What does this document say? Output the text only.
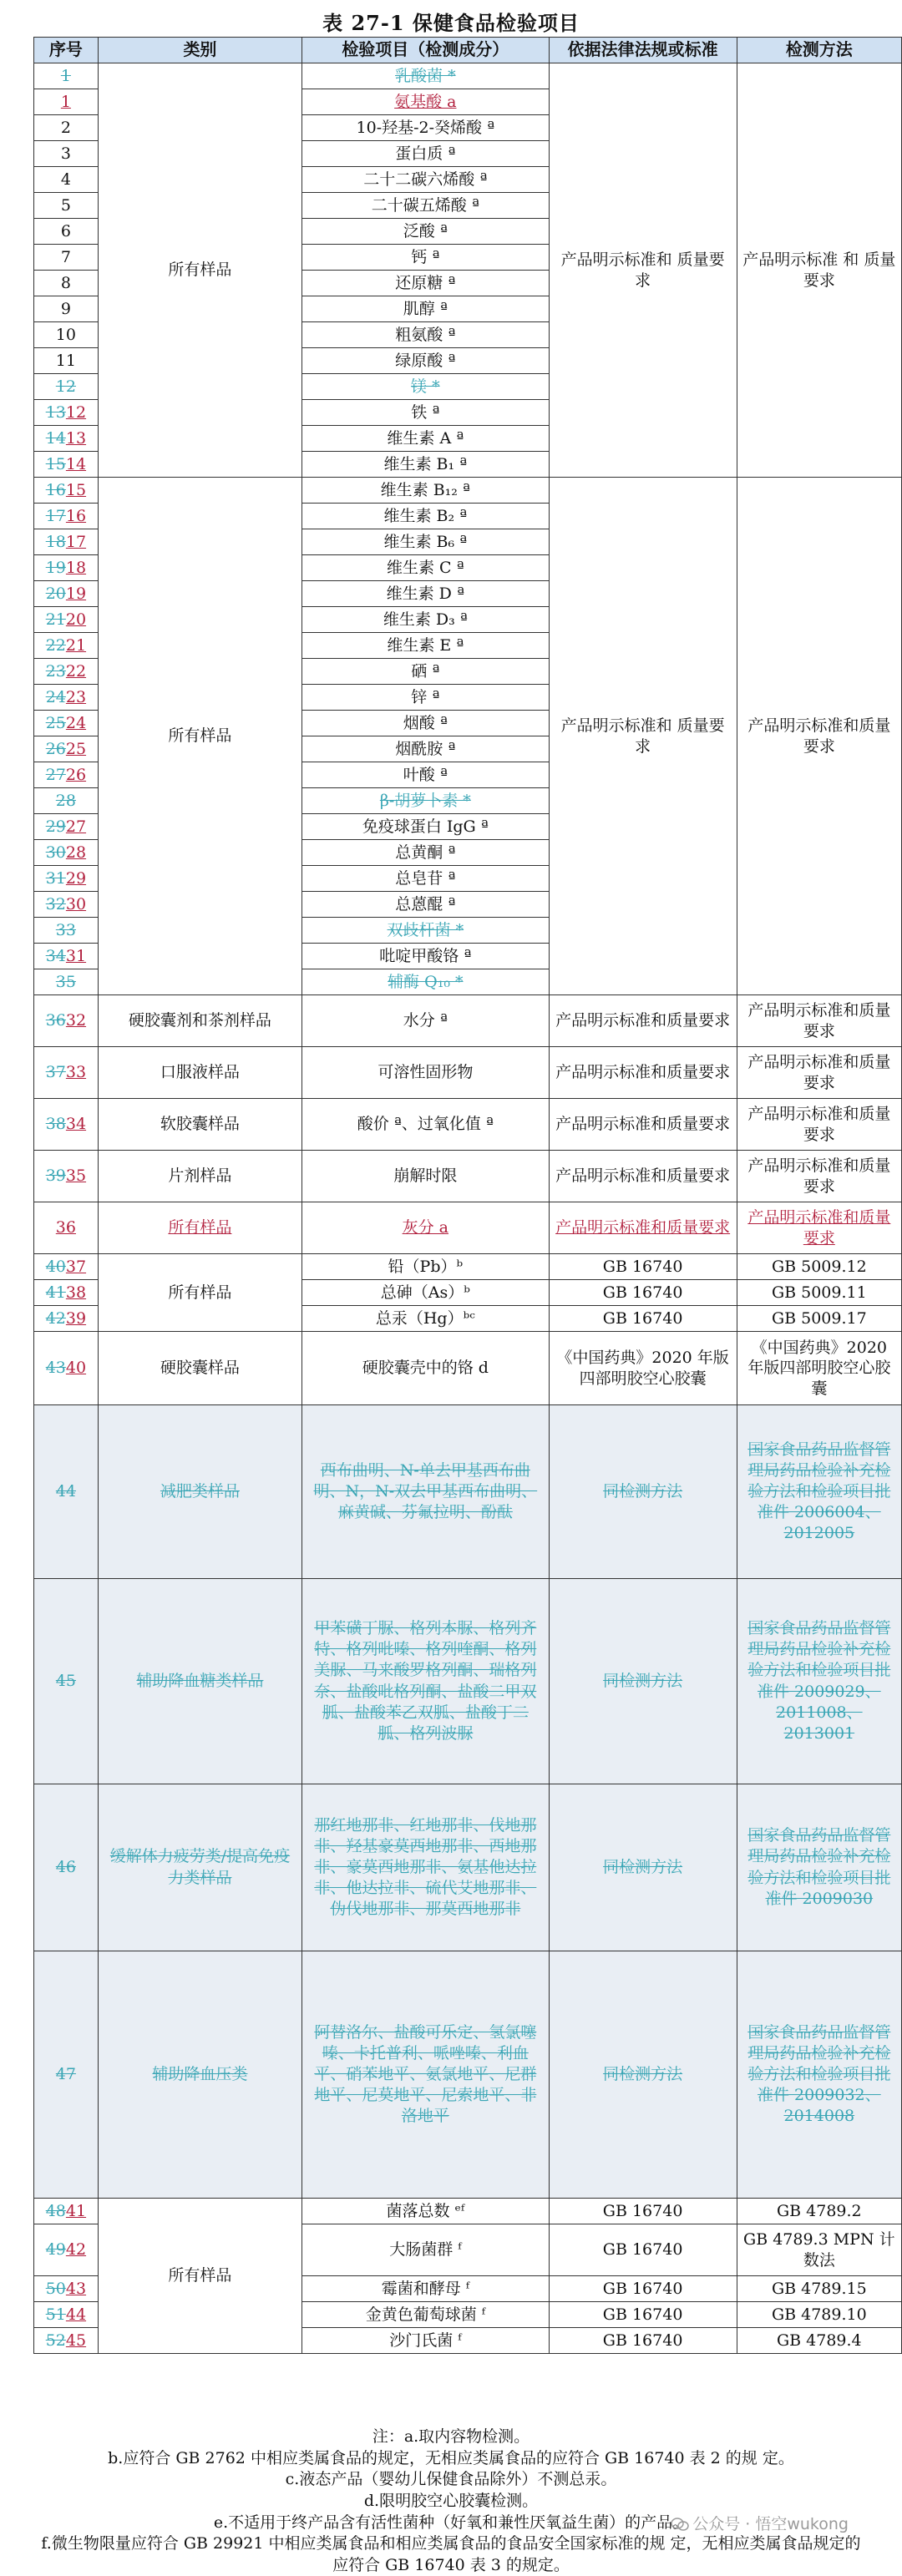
表 27-1 保健食品检验项目
序号	类别	检验项目（检测成分）	依据法律法规或标准	检测方法
1	所有样品	乳酸菌 *	产品明示标准和 质量要求	产品明示标准 和 质量要求
1		氨基酸 a		
2		10-羟基-2-癸烯酸 ª		
3		蛋白质 ª		
4		二十二碳六烯酸 ª		
5		二十碳五烯酸 ª		
6		泛酸 ª		
7		钙 ª		
8		还原糖 ª		
9		肌醇 ª		
10		粗氨酸 ª		
11		绿原酸 ª		
12		镁 *		
1312		铁 ª		
1413		维生素 A ª		
1514		维生素 B₁ ª		
1615	所有样品	维生素 B₁₂ ª	产品明示标准和 质量要求	产品明示标准和质量要求
1716		维生素 B₂ ª		
1817		维生素 B₆ ª		
1918		维生素 C ª		
2019		维生素 D ª		
2120		维生素 D₃ ª		
2221		维生素 E ª		
2322		硒 ª		
2423		锌 ª		
2524		烟酸 ª		
2625		烟酰胺 ª		
2726		叶酸 ª		
28		β-胡萝卜素 *		
2927		免疫球蛋白 IgG ª		
3028		总黄酮 ª		
3129		总皂苷 ª		
3230		总蒽醌 ª		
33		双歧杆菌 *		
3431		吡啶甲酸铬 ª		
35		辅酶 Q₁₀ *		
3632	硬胶囊剂和茶剂样品	水分 ª	产品明示标准和质量要求	产品明示标准和质量要求
3733	口服液样品	可溶性固形物	产品明示标准和质量要求	产品明示标准和质量要求
3834	软胶囊样品	酸价 ª、过氧化值 ª	产品明示标准和质量要求	产品明示标准和质量要求
3935	片剂样品	崩解时限	产品明示标准和质量要求	产品明示标准和质量要求
36	所有样品	灰分 a	产品明示标准和质量要求	产品明示标准和质量要求
4037	所有样品	铅（Pb）ᵇ	GB 16740	GB 5009.12
4138		总砷（As）ᵇ	GB 16740	GB 5009.11
4239		总汞（Hg）ᵇᶜ	GB 16740	GB 5009.17
4340	硬胶囊样品	硬胶囊壳中的铬 d	《中国药典》2020 年版四部明胶空心胶囊	《中国药典》2020 年版四部明胶空心胶囊
44	减肥类样品	西布曲明、N-单去甲基西布曲明、N，N-双去甲基西布曲明、麻黄碱、芬氟拉明、酚酞	同检测方法	国家食品药品监督管理局药品检验补充检验方法和检验项目批准件 2006004、2012005
45	辅助降血糖类样品	甲苯磺丁脲、格列本脲、格列齐特、格列吡嗪、格列喹酮、格列美脲、马来酸罗格列酮、瑞格列奈、盐酸吡格列酮、盐酸二甲双胍、盐酸苯乙双胍、盐酸丁二胍、格列波脲	同检测方法	国家食品药品监督管理局药品检验补充检验方法和检验项目批准件 2009029、2011008、2013001
46	缓解体力疲劳类/提高免疫力类样品	那红地那非、红地那非、伐地那非、羟基豪莫西地那非、西地那非、豪莫西地那非、氨基他达拉非、他达拉非、硫代艾地那非、伪伐地那非、那莫西地那非	同检测方法	国家食品药品监督管理局药品检验补充检验方法和检验项目批准件 2009030
47	辅助降血压类	阿替洛尔、盐酸可乐定、氢氯噻嗪、卡托普利、哌唑嗪、利血平、硝苯地平、氨氯地平、尼群地平、尼莫地平、尼索地平、非洛地平	同检测方法	国家食品药品监督管理局药品检验补充检验方法和检验项目批准件 2009032、2014008
4841	所有样品	菌落总数 ᵉᶠ	GB 16740	GB 4789.2
4942		大肠菌群 ᶠ	GB 16740	GB 4789.3 MPN 计数法
5043		霉菌和酵母 ᶠ	GB 16740	GB 4789.15
5144		金黄色葡萄球菌 ᶠ	GB 16740	GB 4789.10
5245		沙门氏菌 ᶠ	GB 16740	GB 4789.4
注：a.取内容物检测。
b.应符合 GB 2762 中相应类属食品的规定，无相应类属食品的应符合 GB 16740 表 2 的规 定。
c.液态产品（婴幼儿保健食品除外）不测总汞。
d.限明胶空心胶囊检测。
e.不适用于终产品含有活性菌种（好氧和兼性厌氧益生菌）的产品。
f.微生物限量应符合 GB 29921 中相应类属食品和相应类属食品的食品安全国家标准的规 定，无相应类属食品规定的应符合 GB 16740 表 3 的规定。
公众号 · 悟空wukong
